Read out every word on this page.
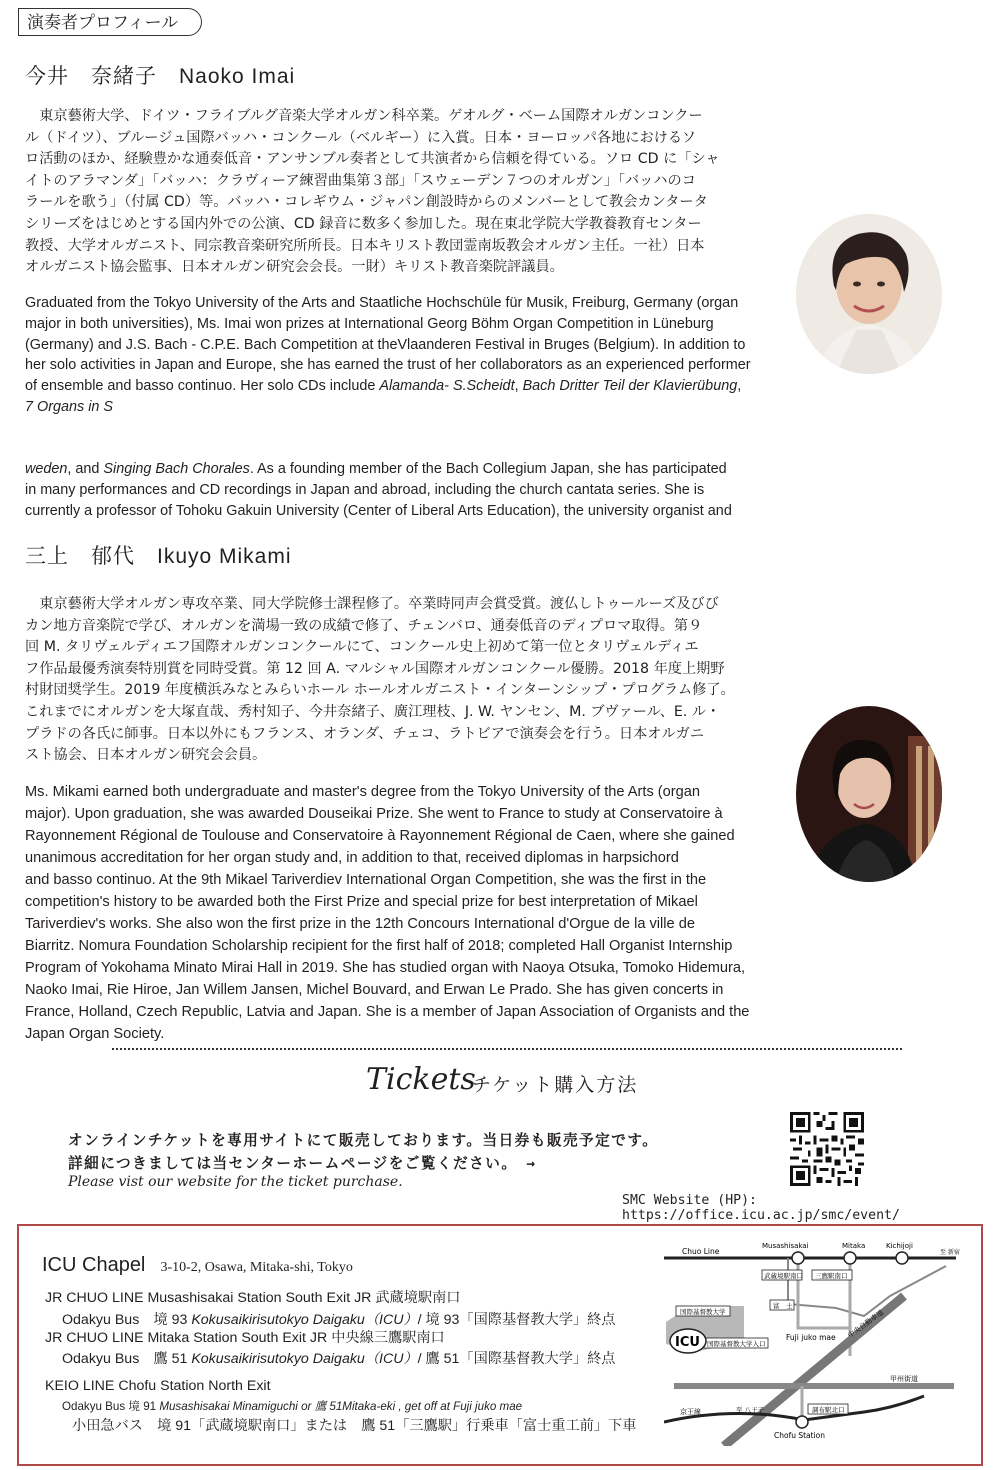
演奏者プロフィール
今井　奈緒子 Naoko Imai

東京藝術大学、ドイツ・フライブルグ音楽大学オルガン科卒業。ゲオルグ・ベーム国際オルガンコンクー

ル（ドイツ）、ブルージュ国際バッハ・コンクール（ベルギー）に入賞。日本・ヨーロッパ各地におけるソ

ロ活動のほか、経験豊かな通奏低音・アンサンブル奏者として共演者から信頼を得ている。ソロ CD に「シャ

イトのアラマンダ」「バッハ：クラヴィーア練習曲集第３部」「スウェーデン７つのオルガン」「バッハのコ

ラールを歌う」（付属 CD）等。バッハ・コレギウム・ジャパン創設時からのメンバーとして教会カンタータ

シリーズをはじめとする国内外での公演、CD 録音に数多く参加した。現在東北学院大学教養教育センター

教授、大学オルガニスト、同宗教音楽研究所所長。日本キリスト教団霊南坂教会オルガン主任。一社）日本

オルガニスト協会監事、日本オルガン研究会会長。一財）キリスト教音楽院評議員。

Graduated from the Tokyo University of the Arts and Staatliche Hochschüle für Musik, Freiburg, Germany (organ

major in both universities), Ms. Imai won prizes at International Georg Böhm Organ Competition in Lüneburg

(Germany) and J.S. Bach - C.P.E. Bach Competition at theVlaanderen Festival in Bruges (Belgium). In addition to

her solo activities in Japan and Europe, she has earned the trust of her collaborators as an experienced performer

of ensemble and basso continuo. Her solo CDs include Alamanda- S.Scheidt, Bach Dritter Teil der Klavierübung,

7 Organs in S

weden, and Singing Bach Chorales. As a founding member of the Bach Collegium Japan, she has participated

in many performances and CD recordings in Japan and abroad, including the church cantata series. She is

currently a professor of Tohoku Gakuin University (Center of Liberal Arts Education), the university organist and

三上　郁代 Ikuyo Mikami

東京藝術大学オルガン専攻卒業、同大学院修士課程修了。卒業時同声会賞受賞。渡仏しトゥールーズ及びび

カン地方音楽院で学び、オルガンを満場一致の成績で修了、チェンバロ、通奏低音のディプロマ取得。第９

回 M. タリヴェルディエフ国際オルガンコンクールにて、コンクール史上初めて第一位とタリヴェルディエ

フ作品最優秀演奏特別賞を同時受賞。第 12 回 A. マルシャル国際オルガンコンクール優勝。2018 年度上期野

村財団奨学生。2019 年度横浜みなとみらいホール ホールオルガニスト・インターンシップ・プログラム修了。

これまでにオルガンを大塚直哉、秀村知子、今井奈緒子、廣江理枝、J. W. ヤンセン、M. ブヴァール、E. ル・

プラドの各氏に師事。日本以外にもフランス、オランダ、チェコ、ラトビアで演奏会を行う。日本オルガニ

スト協会、日本オルガン研究会会員。

Ms. Mikami earned both undergraduate and master's degree from the Tokyo University of the Arts (organ

major). Upon graduation, she was awarded Douseikai Prize. She went to France to study at Conservatoire à

Rayonnement Régional de Toulouse and Conservatoire à Rayonnement Régional de Caen, where she gained

unanimous accreditation for her organ study and, in addition to that, received diplomas in harpsichord

and basso continuo. At the 9th Mikael Tariverdiev International Organ Competition, she was the first in the

competition's history to be awarded both the First Prize and special prize for best interpretation of Mikael

Tariverdiev's works. She also won the first prize in the 12th Concours International d'Orgue de la ville de

Biarritz. Nomura Foundation Scholarship recipient for the first half of 2018; completed Hall Organist Internship

Program of Yokohama Minato Mirai Hall in 2019. She has studied organ with Naoya Otsuka, Tomoko Hidemura,

Naoko Imai, Rie Hiroe, Jan Willem Jansen, Michel Bouvard, and Erwan Le Prado. She has given concerts in

France, Holland, Czech Republic, Latvia and Japan. She is a member of Japan Association of Organists and the

Japan Organ Society.

Tickets
チケット購入方法
オンラインチケットを専用サイトにて販売しております。当日券も販売予定です。
詳細につきましては当センターホームページをご覧ください。　→
Please vist our website for the ticket purchase.
SMC Website (HP): https://office.icu.ac.jp/smc/event/
ICU Chapel 3-10-2, Osawa, Mitaka-shi, Tokyo
JR CHUO LINE Musashisakai Station South Exit JR 武蔵境駅南口
Odakyu Bus　境 93 Kokusaikirisutokyo Daigaku（ICU）/ 境 93「国際基督教大学」終点
JR CHUO LINE Mitaka Station South Exit JR 中央線三鷹駅南口
Odakyu Bus　鷹 51 Kokusaikirisutokyo Daigaku（ICU）/ 鷹 51「国際基督教大学」終点
KEIO LINE Chofu Station North Exit
Odakyu Bus 境 91 Musashisakai Minamiguchi or 鷹 51Mitaka-eki , get off at Fuji juko mae
小田急バス　境 91「武蔵境駅南口」または　鷹 51「三鷹駅」行乗車「富士重工前」下車
国際基督教大学
国際基督教大学入口
ICU
Chuo Line
Musashisakai	Mitaka	Kichijoji
至 新宿
武蔵境駅南口 三鷹駅南口
富　士
Fuji juko mae 中央自動車道
甲州街道
京王線	至 八王子	調布駅北口
Chofu Station
